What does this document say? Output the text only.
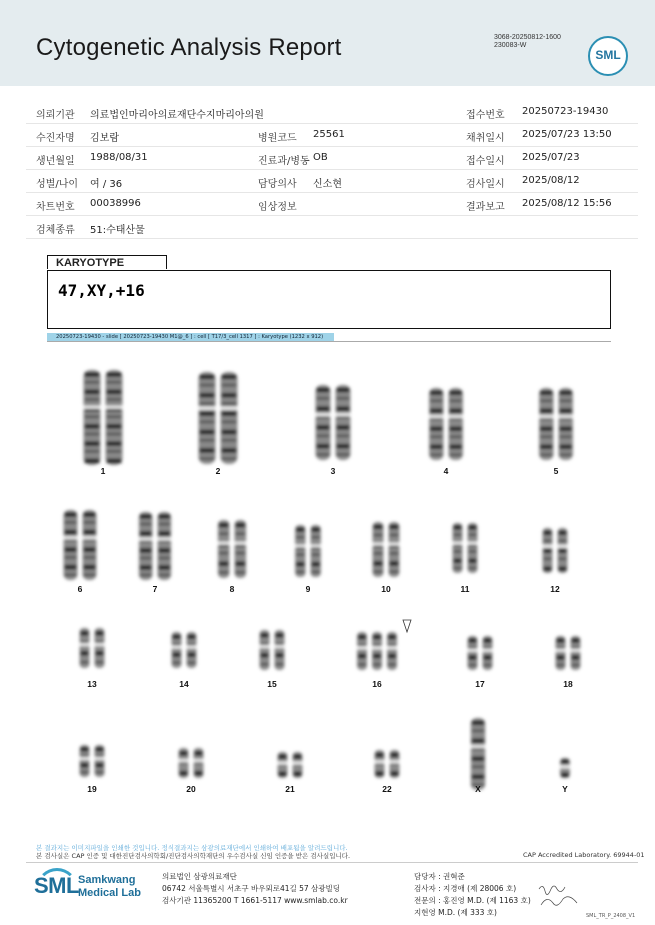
Cytogenetic Analysis Report	3068-20250812-1600
230083-W
SML
의뢰기관 의료법인마리아의료재단수지마리아의원	접수번호 20250723-19430
수진자명 김보람	병원코드 25561	채취일시 2025/07/23 13:50
생년월일 1988/08/31	진료과/병동 OB	접수일시 2025/07/23
성별/나이 여 / 36	담당의사 신소현	검사일시 2025/08/12
차트번호 00038996	임상정보	결과보고 2025/08/12 15:56
검체종류 51:수태산물
KARYOTYPE
47,XY,+16
20250723-19430 - slide [ 20250723-19430 M1@_6 ] : cell [ T17/3_cell 1317 ] : Karyotype (1232 x 912)
1	2	3	4	5
6	7	8	9	10	11	12
13	14	15	16	17	18
19	20	21	22	X	Y
본 결과지는 이미지파일을 인쇄한 것입니다. 정식결과지는 삼광의료재단에서 인쇄하여 배포됨을 알려드립니다.
본 검사실은 CAP 인증 및 대한진단검사의학회/진단검사의학재단의 우수검사실 신임 인증을 받은 검사실입니다.	CAP Accredited Laboratory. 69944-01
SML Samkwang
Medical Lab
의료법인 삼광의료재단
06742 서울특별시 서초구 바우뫼로41길 57 삼광빌딩
검사기관 11365200 T 1661-5117 www.smlab.co.kr
담당자 : 권혁준
검사자 : 지경애 (제 28006 호)
전문의 : 홍진영 M.D. (제 1163 호)
지현영 M.D. (제 333 호)	SML_TR_P_2408_V1
